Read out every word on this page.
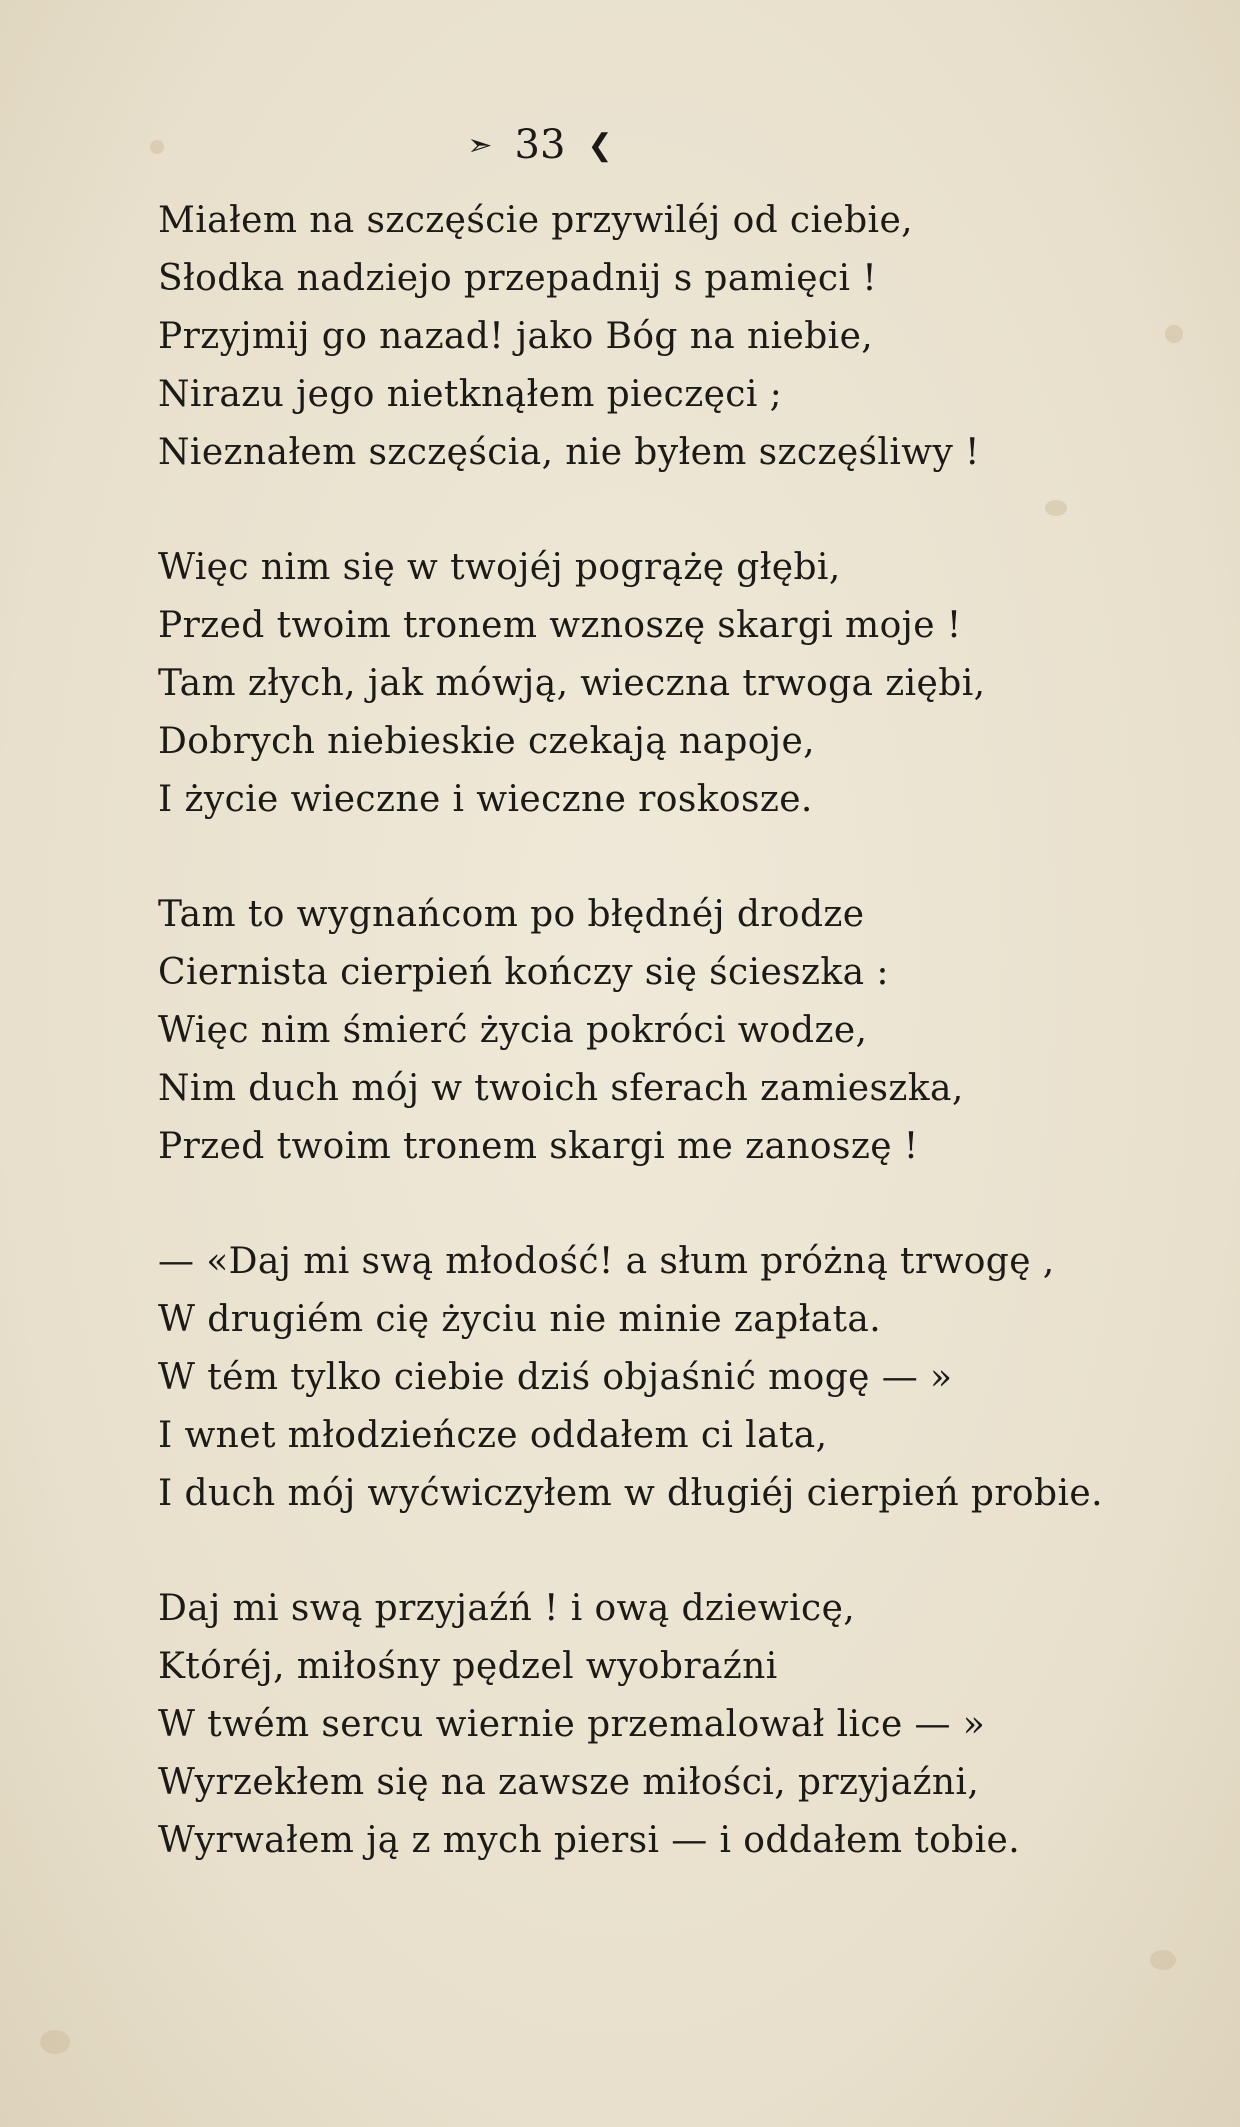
➣ 33 ❮
Miałem na szczęście przywiléj od ciebie,
Słodka nadziejo przepadnij s pamięci !
Przyjmij go nazad! jako Bóg na niebie,
Nirazu jego nietknąłem pieczęci ;
Nieznałem szczęścia, nie byłem szczęśliwy !
Więc nim się w twojéj pogrążę głębi,
Przed twoim tronem wznoszę skargi moje !
Tam złych, jak mówją, wieczna trwoga ziębi,
Dobrych niebieskie czekają napoje,
I życie wieczne i wieczne roskosze.
Tam to wygnańcom po błędnéj drodze
Ciernista cierpień kończy się ścieszka :
Więc nim śmierć życia pokróci wodze,
Nim duch mój w twoich sferach zamieszka,
Przed twoim tronem skargi me zanoszę !
— «Daj mi swą młodość! a słum próżną trwogę ,
W drugiém cię życiu nie minie zapłata.
W tém tylko ciebie dziś objaśnić mogę — »
I wnet młodzieńcze oddałem ci lata,
I duch mój wyćwiczyłem w długiéj cierpień probie.
Daj mi swą przyjaźń ! i ową dziewicę,
Któréj, miłośny pędzel wyobraźni
W twém sercu wiernie przemalował lice — »
Wyrzekłem się na zawsze miłości, przyjaźni,
Wyrwałem ją z mych piersi — i oddałem tobie.
